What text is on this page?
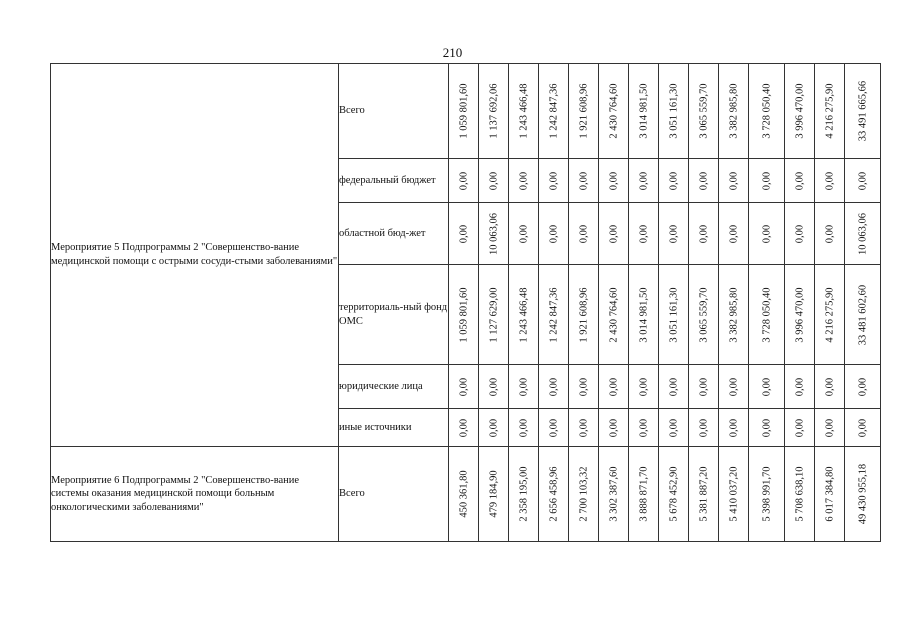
210
Мероприятие 5 Подпрограммы 2 "Совершенство-вание медицинской помощи с острыми сосуди-стыми заболеваниями"	Всего	1 059 801,60	1 137 692,06	1 243 466,48	1 242 847,36	1 921 608,96	2 430 764,60	3 014 981,50	3 051 161,30	3 065 559,70	3 382 985,80	3 728 050,40	3 996 470,00	4 216 275,90	33 491 665,66

	федеральный бюджет	0,00	0,00	0,00	0,00	0,00	0,00	0,00	0,00	0,00	0,00	0,00	0,00	0,00	0,00

	областной бюд-жет	0,00	10 063,06	0,00	0,00	0,00	0,00	0,00	0,00	0,00	0,00	0,00	0,00	0,00	10 063,06

	территориаль-ный фонд ОМС	1 059 801,60	1 127 629,00	1 243 466,48	1 242 847,36	1 921 608,96	2 430 764,60	3 014 981,50	3 051 161,30	3 065 559,70	3 382 985,80	3 728 050,40	3 996 470,00	4 216 275,90	33 481 602,60

	юридические лица	0,00	0,00	0,00	0,00	0,00	0,00	0,00	0,00	0,00	0,00	0,00	0,00	0,00	0,00

	иные источники	0,00	0,00	0,00	0,00	0,00	0,00	0,00	0,00	0,00	0,00	0,00	0,00	0,00	0,00

Мероприятие 6 Подпрограммы 2 "Совершенство-вание системы оказания медицинской помощи больным онкологическими заболеваниями"	Всего	450 361,80	479 184,90	2 358 195,00	2 656 458,96	2 700 103,32	3 302 387,60	3 888 871,70	5 678 452,90	5 381 887,20	5 410 037,20	5 398 991,70	5 708 638,10	6 017 384,80	49 430 955,18
